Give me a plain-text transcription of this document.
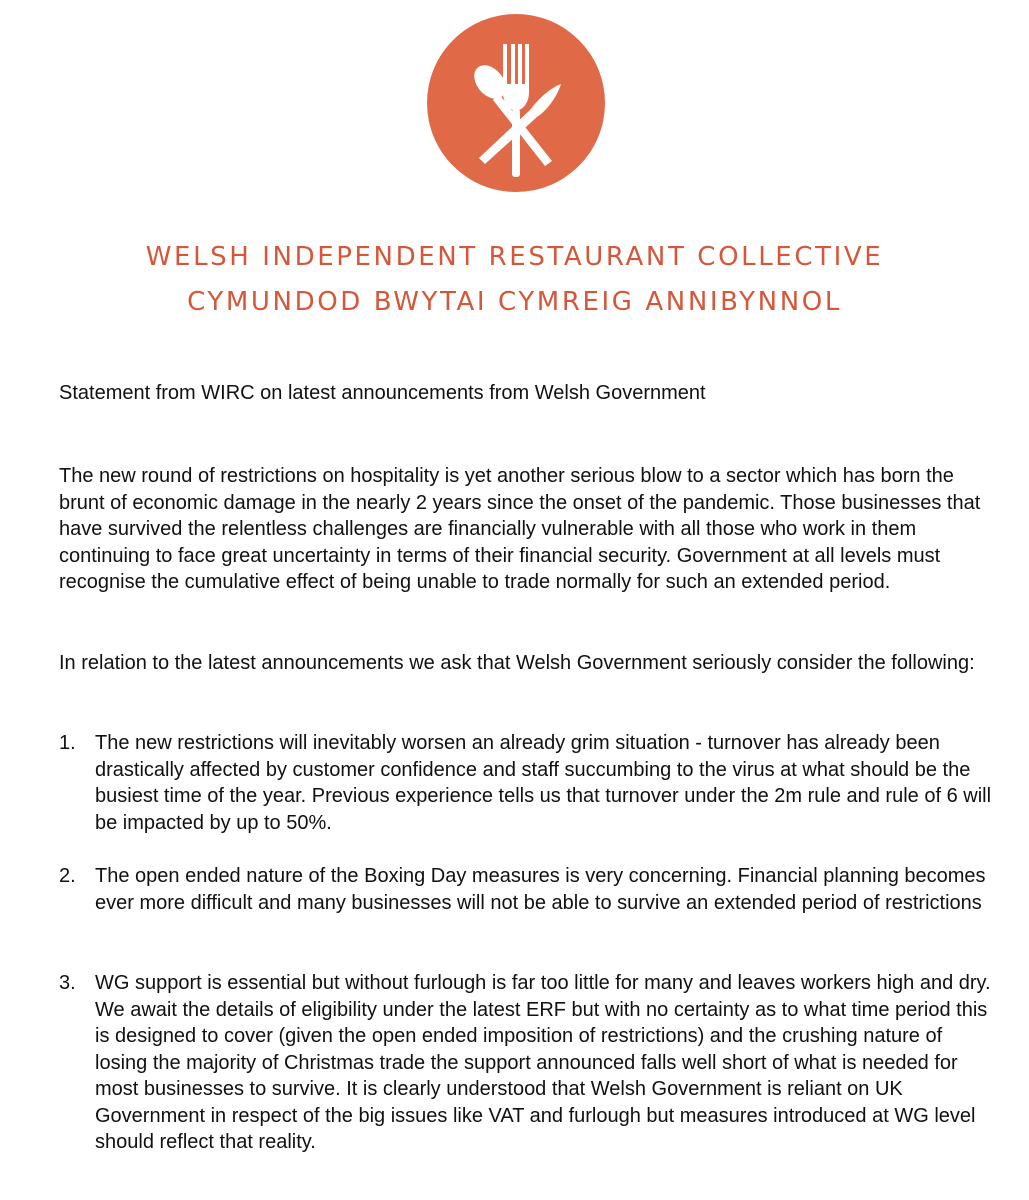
WELSH INDEPENDENT RESTAURANT COLLECTIVE
CYMUNDOD BWYTAI CYMREIG ANNIBYNNOL
Statement from WIRC on latest announcements from Welsh Government
The new round of restrictions on hospitality is yet another serious blow to a sector which has born the brunt of economic damage in the nearly 2 years since the onset of the pandemic. Those businesses that have survived the relentless challenges are financially vulnerable with all those who work in them continuing to face great uncertainty in terms of their financial security. Government at all levels must recognise the cumulative effect of being unable to trade normally for such an extended period.
In relation to the latest announcements we ask that Welsh Government seriously consider the following:
1. The new restrictions will inevitably worsen an already grim situation - turnover has already been drastically affected by customer confidence and staff succumbing to the virus at what should be the busiest time of the year. Previous experience tells us that turnover under the 2m rule and rule of 6 will be impacted by up to 50%.
2. The open ended nature of the Boxing Day measures is very concerning. Financial planning becomes ever more difficult and many businesses will not be able to survive an extended period of restrictions
3. WG support is essential but without furlough is far too little for many and leaves workers high and dry. We await the details of eligibility under the latest ERF but with no certainty as to what time period this is designed to cover (given the open ended imposition of restrictions) and the crushing nature of losing the majority of Christmas trade the support announced falls well short of what is needed for most businesses to survive. It is clearly understood that Welsh Government is reliant on UK Government in respect of the big issues like VAT and furlough but measures introduced at WG level should reflect that reality.
